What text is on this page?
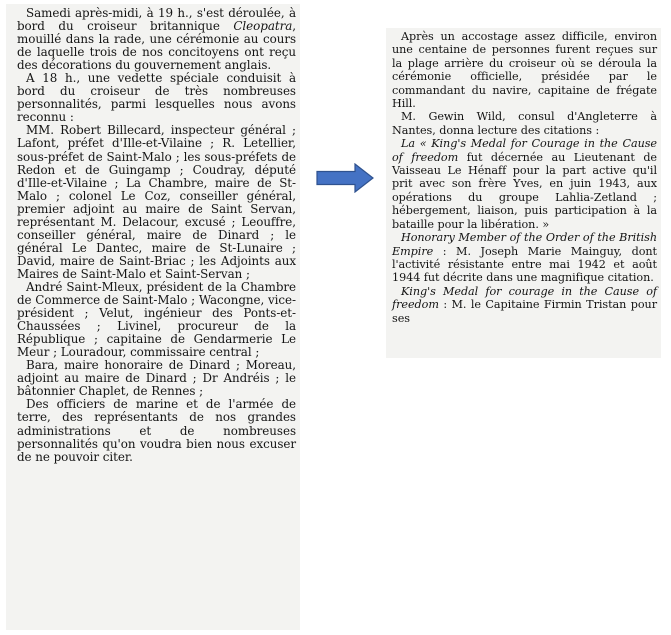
Samedi après-midi, à 19 h., s'est déroulée, à bord du croiseur britannique Cleopatra, mouillé dans la rade, une cérémonie au cours de laquelle trois de nos concitoyens ont reçu des décorations du gouvernement anglais.

A 18 h., une vedette spéciale conduisit à bord du croiseur de très nombreuses personnalités, parmi lesquelles nous avons reconnu :

MM. Robert Billecard, inspecteur général ; Lafont, préfet d'Ille-et-Vilaine ; R. Letellier, sous-préfet de Saint-Malo ; les sous-préfets de Redon et de Guingamp ; Coudray, député d'Ille-et-Vilaine ; La Chambre, maire de St-Malo ; colonel Le Coz, conseiller général, premier adjoint au maire de Saint Servan, représentant M. Delacour, excusé ; Leouffre, conseiller général, maire de Dinard ; le général Le Dantec, maire de St-Lunaire ; David, maire de Saint-Briac ; les Adjoints aux Maires de Saint-Malo et Saint-Servan ;

André Saint-Mleux, président de la Chambre de Commerce de Saint-Malo ; Wacongne, vice-président ; Velut, ingénieur des Ponts-et-Chaussées ; Livinel, procureur de la République ; capitaine de Gendarmerie Le Meur ; Louradour, commissaire central ;

Bara, maire honoraire de Dinard ; Moreau, adjoint au maire de Dinard ; Dr Andréis ; le bâtonnier Chaplet, de Rennes ;

Des officiers de marine et de l'armée de terre, des représentants de nos grandes administrations et de nombreuses personnalités qu'on voudra bien nous excuser de ne pouvoir citer.

Après un accostage assez difficile, environ une centaine de personnes furent reçues sur la plage arrière du croiseur où se déroula la cérémonie officielle, présidée par le commandant du navire, capitaine de frégate Hill.

M. Gewin Wild, consul d'Angleterre à Nantes, donna lecture des citations :

La « King's Medal for Courage in the Cause of freedom fut décernée au Lieutenant de Vaisseau Le Hénaff pour la part active qu'il prit avec son frère Yves, en juin 1943, aux opérations du groupe Lahlia-Zetland ; hébergement, liaison, puis participation à la bataille pour la libération. »

Honorary Member of the Order of the British Empire : M. Joseph Marie Mainguy, dont l'activité résistante entre mai 1942 et août 1944 fut décrite dans une magnifique citation.

King's Medal for courage in the Cause of freedom : M. le Capitaine Firmin Tristan pour ses
